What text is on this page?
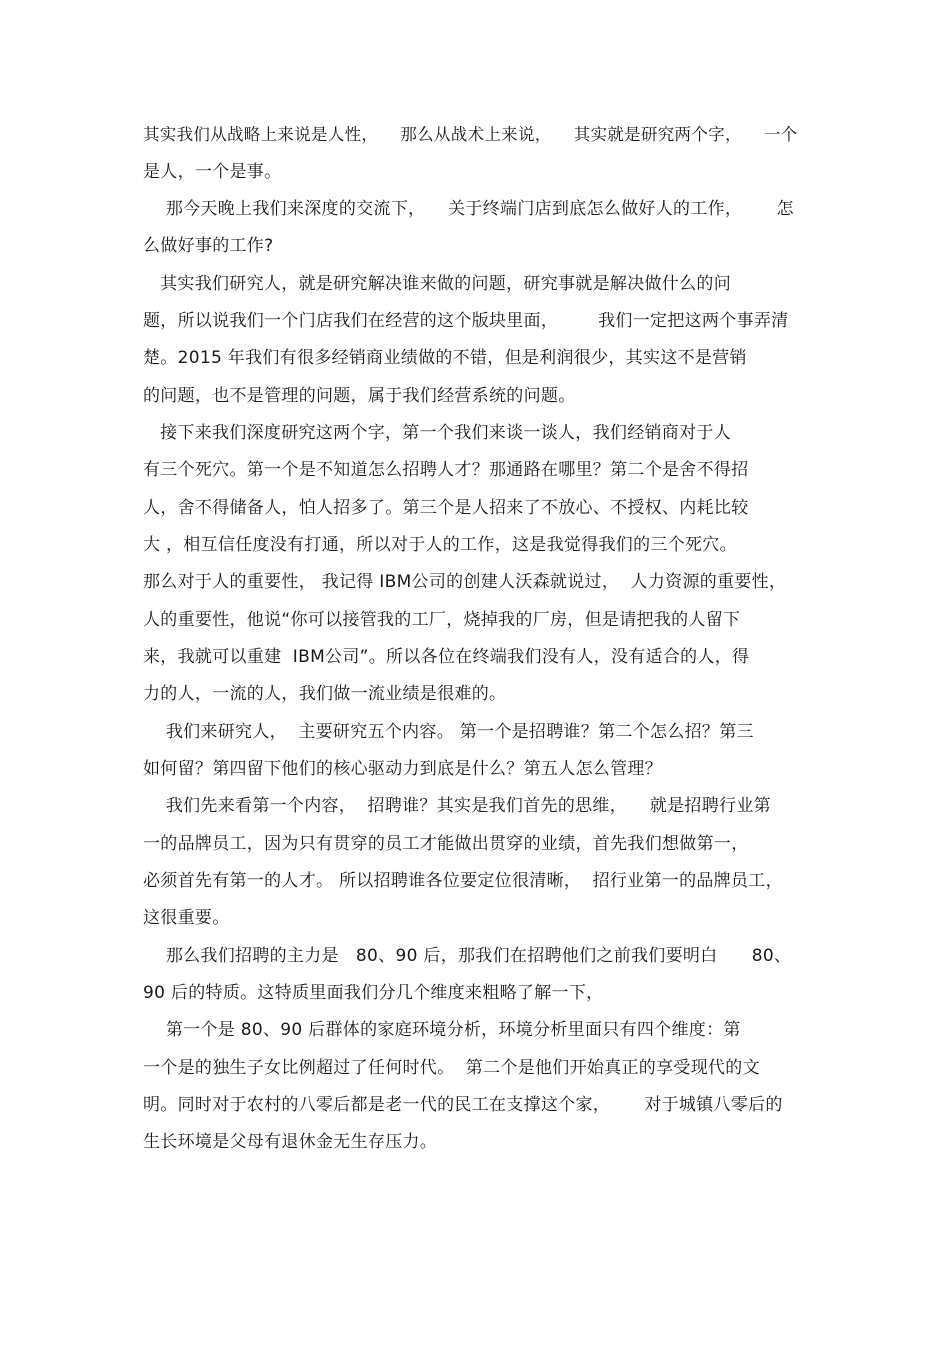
其实我们从战略上来说是人性，    那么从战术上来说，    其实就是研究两个字，    一个
是人，一个是事。
那今天晚上我们来深度的交流下，    关于终端门店到底怎么做好人的工作，      怎
么做好事的工作?
其实我们研究人，就是研究解决谁来做的问题，研究事就是解决做什么的问
题，所以说我们一个门店我们在经营的这个版块里面，       我们一定把这两个事弄清
楚。2015 年我们有很多经销商业绩做的不错，但是利润很少，其实这不是营销
的问题，也不是管理的问题，属于我们经营系统的问题。
接下来我们深度研究这两个字，第一个我们来谈一谈人，我们经销商对于人
有三个死穴。第一个是不知道怎么招聘人才？那通路在哪里？第二个是舍不得招
人，舍不得储备人，怕人招多了。第三个是人招来了不放心、不授权、内耗比较
大 ，相互信任度没有打通，所以对于人的工作，这是我觉得我们的三个死穴。
那么对于人的重要性， 我记得 IBM公司的创建人沃森就说过，  人力资源的重要性，
人的重要性，他说“你可以接管我的工厂，烧掉我的厂房，但是请把我的人留下
来，我就可以重建  IBM公司”。所以各位在终端我们没有人，没有适合的人，得
力的人，一流的人，我们做一流业绩是很难的。
我们来研究人，  主要研究五个内容。 第一个是招聘谁？第二个怎么招？第三
如何留？第四留下他们的核心驱动力到底是什么？第五人怎么管理？
我们先来看第一个内容，  招聘谁？其实是我们首先的思维，    就是招聘行业第
一的品牌员工，因为只有贯穿的员工才能做出贯穿的业绩，首先我们想做第一，
必须首先有第一的人才。 所以招聘谁各位要定位很清晰，  招行业第一的品牌员工，
这很重要。
那么我们招聘的主力是   80、90 后，那我们在招聘他们之前我们要明白      80、
90 后的特质。这特质里面我们分几个维度来粗略了解一下，
第一个是 80、90 后群体的家庭环境分析，环境分析里面只有四个维度：第
一个是的独生子女比例超过了任何时代。  第二个是他们开始真正的享受现代的文
明。同时对于农村的八零后都是老一代的民工在支撑这个家，      对于城镇八零后的
生长环境是父母有退休金无生存压力。
